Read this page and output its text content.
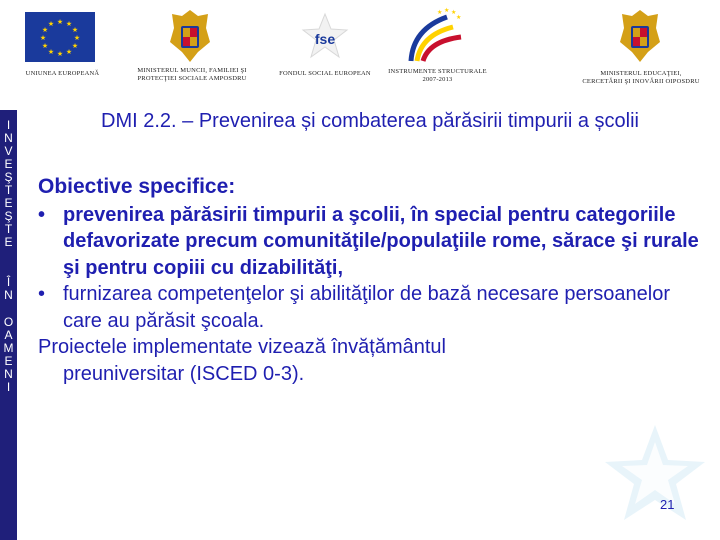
★ ★
★
★
★
★
★
★
★
★
★
★
UNIUNEA EUROPEANĂ	MINISTERUL MUNCII, FAMILIEI ŞI PROTECŢIEI SOCIALE AMPOSDRU
fse
FONDUL SOCIAL EUROPEAN
★ ★ ★
★
INSTRUMENTE STRUCTURALE 2007-2013
MINISTERUL EDUCAŢIEI, CERCETĂRII ŞI INOVĂRII OIPOSDRU
I
N
V
E
Ş
T
E
Ş
T
E
Î
N
O
A
M
E
N
I
DMI 2.2. – Prevenirea și combaterea părăsirii timpurii a școlii
Obiective specifice:
• prevenirea părăsirii timpurii a şcolii, în special pentru categoriile defavorizate precum comunităţile/populaţiile rome, sărace şi rurale şi pentru copiii cu dizabilităţi,
• furnizarea competenţelor şi abilităţilor de bază necesare persoanelor care au părăsit şcoala.
Proiectele implementate vizează învățământul
preuniversitar (ISCED 0-3).
21
